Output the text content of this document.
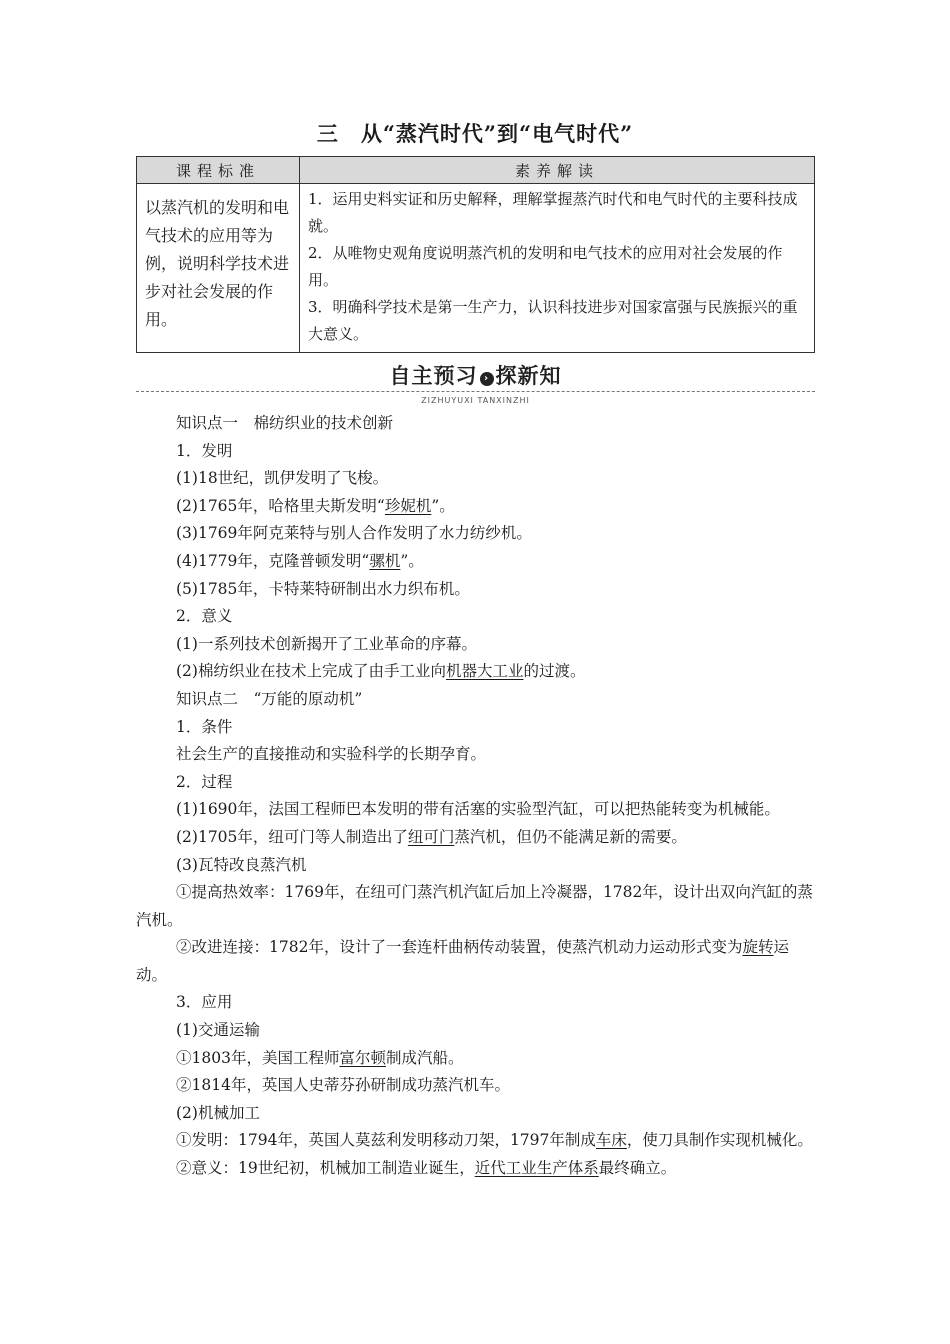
三　从“蒸汽时代”到“电气时代”
课程标准	素养解读
以蒸汽机的发明和电气技术的应用等为例，说明科学技术进步对社会发展的作用。	1．运用史料实证和历史解释，理解掌握蒸汽时代和电气时代的主要科技成就。
2．从唯物史观角度说明蒸汽机的发明和电气技术的应用对社会发展的作用。
3．明确科学技术是第一生产力，认识科技进步对国家富强与民族振兴的重大意义。
自主预习 › 探新知
ZIZHUYUXI TANXINZHI

知识点一　棉纺织业的技术创新

1．发明

(1)18世纪，凯伊发明了飞梭。

(2)1765年，哈格里夫斯发明“珍妮机”。

(3)1769年阿克莱特与别人合作发明了水力纺纱机。

(4)1779年，克隆普顿发明“骡机”。

(5)1785年，卡特莱特研制出水力织布机。

2．意义

(1)一系列技术创新揭开了工业革命的序幕。

(2)棉纺织业在技术上完成了由手工业向机器大工业的过渡。

知识点二　“万能的原动机”

1．条件

社会生产的直接推动和实验科学的长期孕育。

2．过程

(1)1690年，法国工程师巴本发明的带有活塞的实验型汽缸，可以把热能转变为机械能。

(2)1705年，纽可门等人制造出了纽可门蒸汽机，但仍不能满足新的需要。

(3)瓦特改良蒸汽机

①提高热效率：1769年，在纽可门蒸汽机汽缸后加上冷凝器，1782年，设计出双向汽缸的蒸汽机。

②改进连接：1782年，设计了一套连杆曲柄传动装置，使蒸汽机动力运动形式变为旋转运动。

3．应用

(1)交通运输

①1803年，美国工程师富尔顿制成汽船。

②1814年，英国人史蒂芬孙研制成功蒸汽机车。

(2)机械加工

①发明：1794年，英国人莫兹利发明移动刀架，1797年制成车床，使刀具制作实现机械化。

②意义：19世纪初，机械加工制造业诞生，近代工业生产体系最终确立。
